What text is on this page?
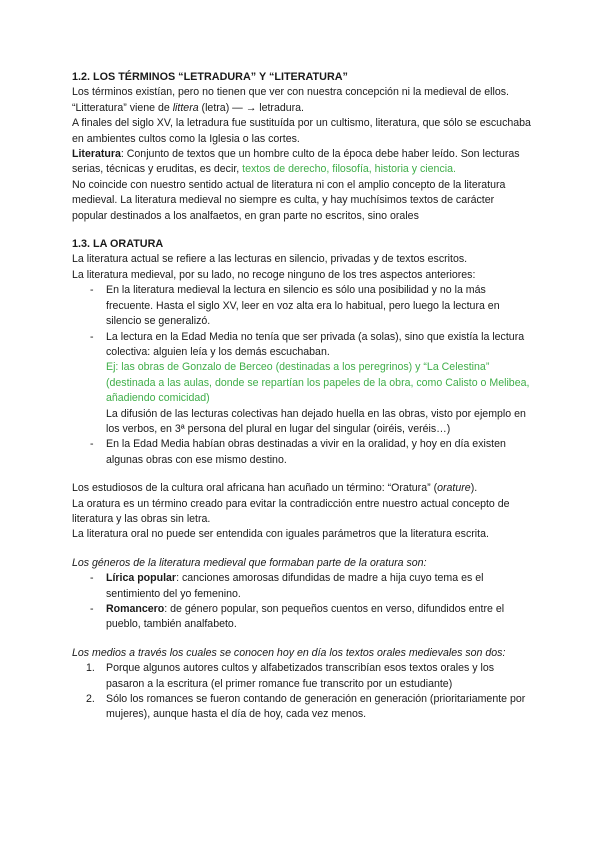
1.2. LOS TÉRMINOS “LETRADURA” Y “LITERATURA”

Los términos existían, pero no tienen que ver con nuestra concepción ni la medieval de ellos. “Litteratura” viene de littera (letra) — → letradura.

A finales del siglo XV, la letradura fue sustituída por un cultismo, literatura, que sólo se escuchaba en ambientes cultos como la Iglesia o las cortes.

Literatura: Conjunto de textos que un hombre culto de la época debe haber leído. Son lecturas serias, técnicas y eruditas, es decir, textos de derecho, filosofía, historia y ciencia.

No coincide con nuestro sentido actual de literatura ni con el amplio concepto de la literatura medieval. La literatura medieval no siempre es culta, y hay muchísimos textos de carácter popular destinados a los analfaetos, en gran parte no escritos, sino orales

1.3. LA ORATURA

La literatura actual se refiere a las lecturas en silencio, privadas y de textos escritos.

La literatura medieval, por su lado, no recoge ninguno de los tres aspectos anteriores:

- En la literatura medieval la lectura en silencio es sólo una posibilidad y no la más frecuente. Hasta el siglo XV, leer en voz alta era lo habitual, pero luego la lectura en silencio se generalizó.
- La lectura en la Edad Media no tenía que ser privada (a solas), sino que existía la lectura colectiva: alguien leía y los demás escuchaban.
Ej: las obras de Gonzalo de Berceo (destinadas a los peregrinos) y “La Celestina” (destinada a las aulas, donde se repartían los papeles de la obra, como Calisto o Melibea, añadiendo comicidad)
La difusión de las lecturas colectivas han dejado huella en las obras, visto por ejemplo en los verbos, en 3ª persona del plural en lugar del singular (oiréis, veréis…)
- En la Edad Media habían obras destinadas a vivir en la oralidad, y hoy en día existen algunas obras con ese mismo destino.

Los estudiosos de la cultura oral africana han acuñado un término: “Oratura” (orature).

La oratura es un término creado para evitar la contradicción entre nuestro actual concepto de literatura y las obras sin letra.

La literatura oral no puede ser entendida con iguales parámetros que la literatura escrita.

Los géneros de la literatura medieval que formaban parte de la oratura son:

- Lírica popular: canciones amorosas difundidas de madre a hija cuyo tema es el sentimiento del yo femenino.
- Romancero: de género popular, son pequeños cuentos en verso, difundidos entre el pueblo, también analfabeto.

Los medios a través los cuales se conocen hoy en día los textos orales medievales son dos:

1. Porque algunos autores cultos y alfabetizados transcribían esos textos orales y los pasaron a la escritura (el primer romance fue transcrito por un estudiante)
2. Sólo los romances se fueron contando de generación en generación (prioritariamente por mujeres), aunque hasta el día de hoy, cada vez menos.
